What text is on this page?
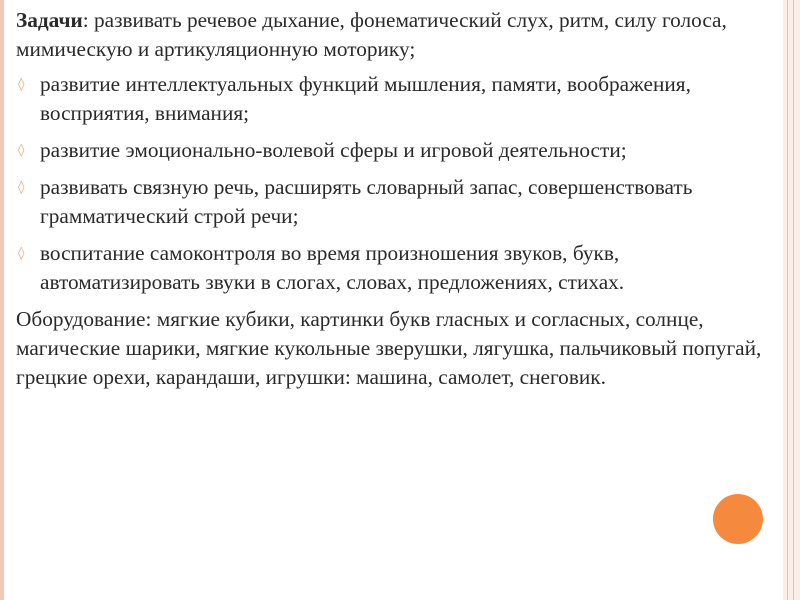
Задачи: развивать речевое дыхание, фонематический слух, ритм, силу голоса, мимическую и артикуляционную моторику;

◊ развитие интеллектуальных функций мышления, памяти, воображения, восприятия, внимания;
◊ развитие эмоционально-волевой сферы и игровой деятельности;
◊ развивать связную речь, расширять словарный запас, совершенствовать грамматический строй речи;
◊ воспитание самоконтроля во время произношения звуков, букв, автоматизировать звуки в слогах, словах, предложениях, стихах.

Оборудование: мягкие кубики, картинки букв гласных и согласных, солнце, магические шарики, мягкие кукольные зверушки, лягушка, пальчиковый попугай, грецкие орехи, карандаши, игрушки: машина, самолет, снеговик.
